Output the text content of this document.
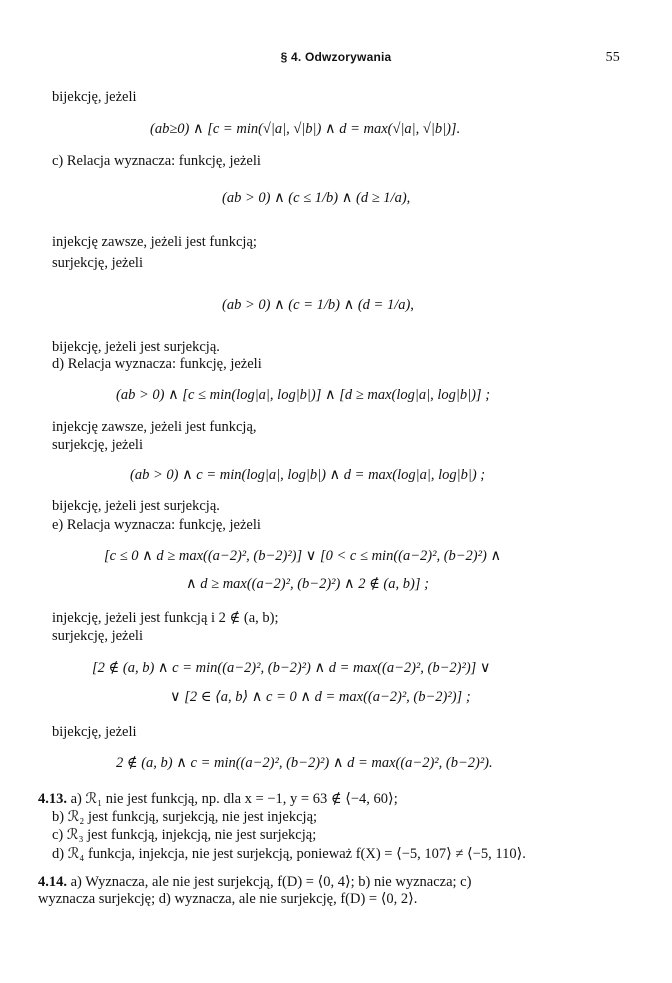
§ 4. Odwzorywania	55
bijekcję, jeżeli
(ab≥0) ∧ [c = min(√|a|, √|b|) ∧ d = max(√|a|, √|b|)].
c) Relacja wyznacza: funkcję, jeżeli
(ab > 0) ∧ (c ≤ 1/b) ∧ (d ≥ 1/a),
injekcję zawsze, jeżeli jest funkcją;
surjekcję, jeżeli
(ab > 0) ∧ (c = 1/b) ∧ (d = 1/a),
bijekcję, jeżeli jest surjekcją.
d) Relacja wyznacza: funkcję, jeżeli
(ab > 0) ∧ [c ≤ min(log|a|, log|b|)] ∧ [d ≥ max(log|a|, log|b|)] ;
injekcję zawsze, jeżeli jest funkcją,
surjekcję, jeżeli
(ab > 0) ∧ c = min(log|a|, log|b|) ∧ d = max(log|a|, log|b|) ;
bijekcję, jeżeli jest surjekcją.
e) Relacja wyznacza: funkcję, jeżeli
[c ≤ 0 ∧ d ≥ max((a−2)², (b−2)²)] ∨ [0 < c ≤ min((a−2)², (b−2)²) ∧
∧ d ≥ max((a−2)², (b−2)²) ∧ 2 ∉ (a, b)] ;
injekcję, jeżeli jest funkcją i 2 ∉ (a, b);
surjekcję, jeżeli
[2 ∉ (a, b) ∧ c = min((a−2)², (b−2)²) ∧ d = max((a−2)², (b−2)²)] ∨
∨ [2 ∈ ⟨a, b⟩ ∧ c = 0 ∧ d = max((a−2)², (b−2)²)] ;
bijekcję, jeżeli
2 ∉ (a, b) ∧ c = min((a−2)², (b−2)²) ∧ d = max((a−2)², (b−2)²).
4.13. a) ℛ₁ nie jest funkcją, np. dla x = −1, y = 63 ∉ ⟨−4, 60⟩;
b) ℛ₂ jest funkcją, surjekcją, nie jest injekcją;
c) ℛ₃ jest funkcją, injekcją, nie jest surjekcją;
d) ℛ₄ funkcja, injekcja, nie jest surjekcją, ponieważ f(X) = ⟨−5, 107⟩ ≠ ⟨−5, 110⟩.
4.14. a) Wyznacza, ale nie jest surjekcją, f(D) = ⟨0, 4⟩; b) nie wyznacza; c)
wyznacza surjekcję; d) wyznacza, ale nie surjekcję, f(D) = ⟨0, 2⟩.
